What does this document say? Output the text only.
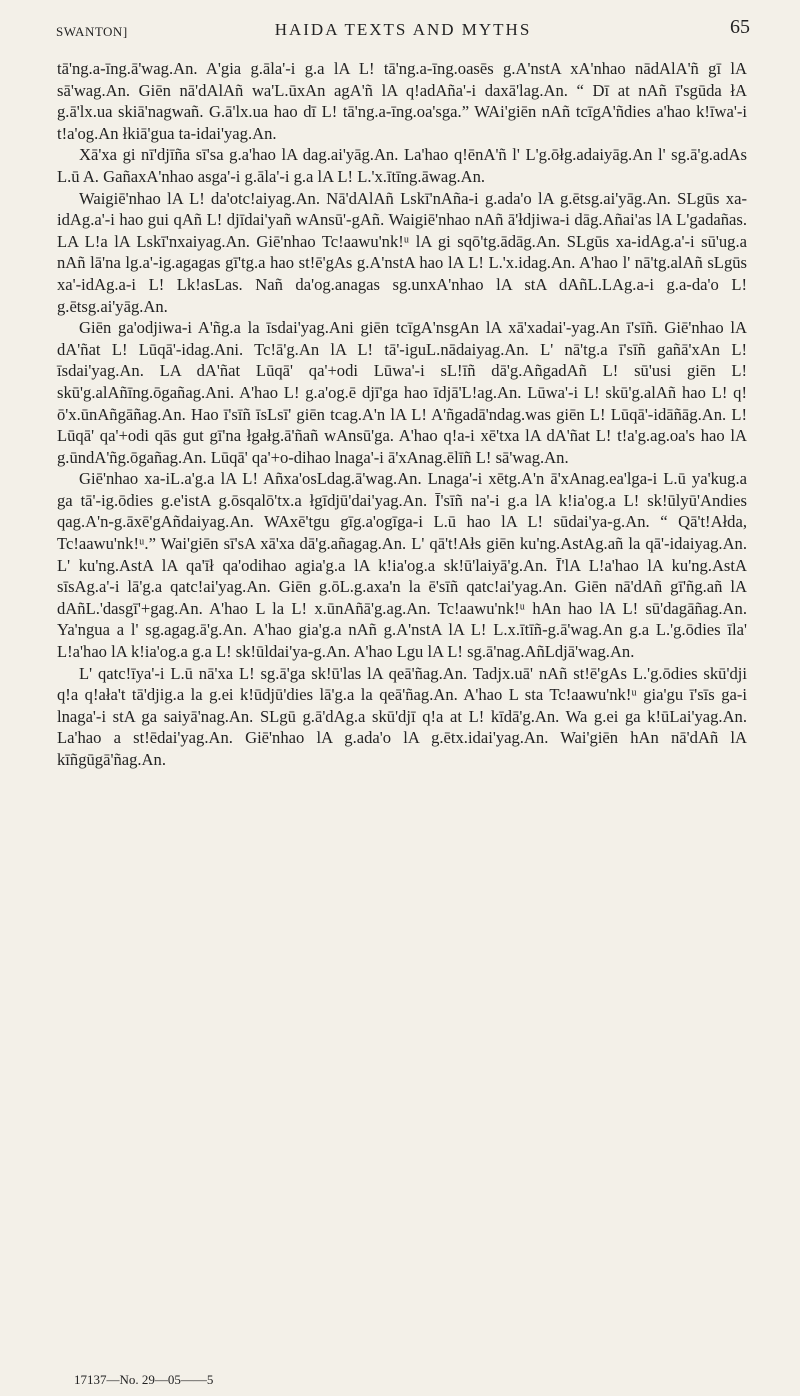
SWANTON]	HAIDA TEXTS AND MYTHS	65

tā'ng.a-īng.ā'wag.An. A'gia g.āla'-i g.a lA L! tā'ng.a-īng.oasēs g.A'nstA xA'nhao nādAlA'ñ gī lA sā'wag.An. Giēn nā'dAlAñ wa'L.ūxAn agA'ñ lA q!adAña'-i daxā'lag.An. “ Dī at nAñ ī'sgūda łA g.ā'lx.ua skiā'nagwañ. G.ā'lx.ua hao dī L! tā'ng.a-īng.oa'sga.” WAi'giēn nAñ tcīgA'ñdies a'hao k!īwa'-i t!a'og.An łkiā'gua ta-idai'yag.An.

Xā'xa gi nī'djīña sī'sa g.a'hao lA dag.ai'yāg.An. La'hao q!ēnA'ñ l' L'g.ōłg.adaiyāg.An l' sg.ā'g.adAs L.ū A. GañaxA'nhao asga'-i g.āla'-i g.a lA L! L.'x.ītīng.āwag.An.

Waigiē'nhao lA L! da'otc!aiyag.An. Nā'dAlAñ Lskī'nAña-i g.ada'o lA g.ētsg.ai'yāg.An. SLgūs xa-idAg.a'-i hao gui qAñ L! djīdai'yañ wAnsū'-gAñ. Waigiē'nhao nAñ ā'łdjiwa-i dāg.Añai'as lA L'gadañas. LA L!a lA Lskī'nxaiyag.An. Giē'nhao Tc!aawu'nk!ᵘ lA gi sqō'tg.ādāg.An. SLgūs xa-idAg.a'-i sū'ug.a nAñ lā'na lg.a'-ig.agagas gī'tg.a hao st!ē'gAs g.A'nstA hao lA L! L.'x.idag.An. A'hao l' nā'tg.alAñ sLgūs xa'-idAg.a-i L! Lk!asLas. Nañ da'og.anagas sg.unxA'nhao lA stA dAñL.LAg.a-i g.a-da'o L! g.ētsg.ai'yāg.An.

Giēn ga'odjiwa-i A'ñg.a la īsdai'yag.Ani giēn tcīgA'nsgAn lA xā'xadai'-yag.An ī'sīñ. Giē'nhao lA dA'ñat L! Lūqā'-idag.Ani. Tc!ā'g.An lA L! tā'-iguL.nādaiyag.An. L' nā'tg.a ī'sīñ gañā'xAn L! īsdai'yag.An. LA dA'ñat Lūqā' qa'+odi Lūwa'-i sL!īñ dā'g.AñgadAñ L! sū'usi giēn L! skū'g.alAñīng.ōgañag.Ani. A'hao L! g.a'og.ē djī'ga hao īdjā'L!ag.An. Lūwa'-i L! skū'g.alAñ hao L! q!ō'x.ūnAñgāñag.An. Hao ī'sīñ īsLsī' giēn tcag.A'n lA L! A'ñgadā'ndag.was giēn L! Lūqā'-idāñāg.An. L! Lūqā' qa'+odi qās gut gī'na łgałg.ā'ñañ wAnsū'ga. A'hao q!a-i xē'txa lA dA'ñat L! t!a'g.ag.oa's hao lA g.ūndA'ñg.ōgañag.An. Lūqā' qa'+o-dihao lnaga'-i ā'xAnag.ēlīñ L! sā'wag.An.

Giē'nhao xa-iL.a'g.a lA L! Añxa'osLdag.ā'wag.An. Lnaga'-i xētg.A'n ā'xAnag.ea'lga-i L.ū ya'kug.a ga tā'-ig.ōdies g.e'istA g.ōsqalō'tx.a łgīdjū'dai'yag.An. Ī'sīñ na'-i g.a lA k!ia'og.a L! sk!ūlyū'Andies qag.A'n-g.āxē'gAñdaiyag.An. WAxē'tgu gīg.a'ogīga-i L.ū hao lA L! sūdai'ya-g.An. “ Qā't!Ałda, Tc!aawu'nk!ᵘ.” Wai'giēn sī'sA xā'xa dā'g.añagag.An. L' qā't!Ałs giēn ku'ng.AstAg.añ la qā'-idaiyag.An. L' ku'ng.AstA lA qa'īł qa'odihao agia'g.a lA k!ia'og.a sk!ū'laiyā'g.An. Ī'lA L!a'hao lA ku'ng.AstA sīsAg.a'-i lā'g.a qatc!ai'yag.An. Giēn g.ōL.g.axa'n la ē'sīñ qatc!ai'yag.An. Giēn nā'dAñ gī'ñg.añ lA dAñL.'dasgī'+gag.An. A'hao L la L! x.ūnAñā'g.ag.An. Tc!aawu'nk!ᵘ hAn hao lA L! sū'dagāñag.An. Ya'ngua a l' sg.agag.ā'g.An. A'hao gia'g.a nAñ g.A'nstA lA L! L.x.ītīñ-g.ā'wag.An g.a L.'g.ōdies īla' L!a'hao lA k!ia'og.a g.a L! sk!ūldai'ya-g.An. A'hao Lgu lA L! sg.ā'nag.AñLdjā'wag.An.

L' qatc!īya'-i L.ū nā'xa L! sg.ā'ga sk!ū'las lA qeā'ñag.An. Tadjx.uā' nAñ st!ē'gAs L.'g.ōdies skū'dji q!a q!ała't tā'djig.a la g.ei k!ūdjū'dies lā'g.a la qeā'ñag.An. A'hao L sta Tc!aawu'nk!ᵘ gia'gu ī'sīs ga-i lnaga'-i stA ga saiyā'nag.An. SLgū g.ā'dAg.a skū'djī q!a at L! kīdā'g.An. Wa g.ei ga k!ūLai'yag.An. La'hao a st!ēdai'yag.An. Giē'nhao lA g.ada'o lA g.ētx.idai'yag.An. Wai'giēn hAn nā'dAñ lA kīñgūgā'ñag.An.

17137—No. 29—05——5
